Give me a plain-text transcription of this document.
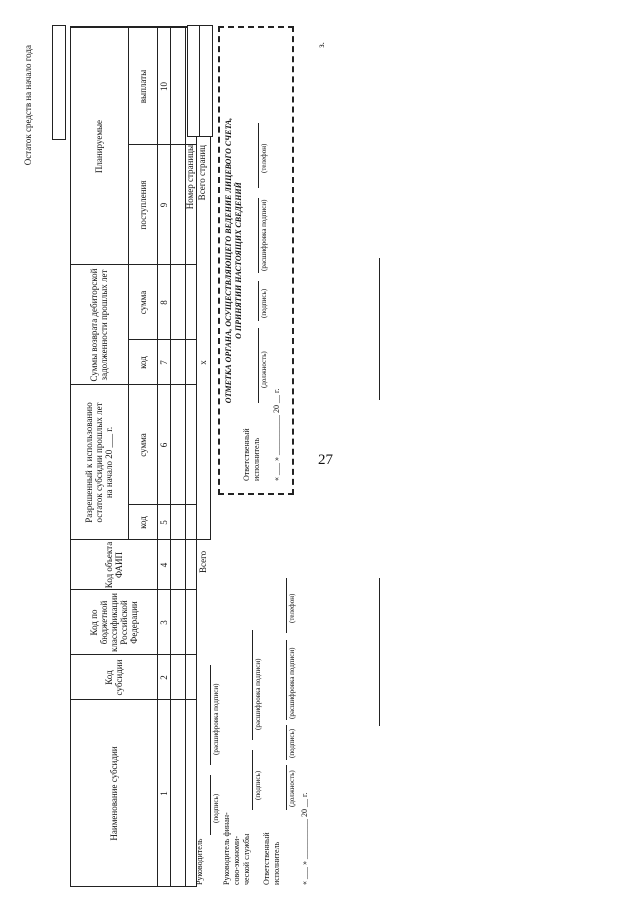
27
з.
Остаток средств на начало года
Наименование субсидии
Код
субсидии
Код по
бюджетной
классификации
Российской
Федерации
Код объекта
ФАИП
Разрешенный к использованию
остаток субсидии прошлых лет
на начало 20 ___ г.
Суммы возврата дебиторской
задолженности прошлых лет
Планируемые
код
сумма
код
сумма
поступления
выплаты
1
2
3
4
5
6
7
8
9
10
Всего
х
Номер страницы Всего страниц
Руководитель
(подпись)
(расшифровка подписи)
Руководитель финан-
сово-экономи-
ческой службы
(подпись)
(расшифровка подписи)
Ответственный
исполнитель
(должность)
(подпись)
(расшифровка подписи)
(телефон)
« ___ » __________ 20 __ г.
ОТМЕТКА ОРГАНА, ОСУЩЕСТВЛЯЮЩЕГО ВЕДЕНИЕ ЛИЦЕВОГО СЧЕТА, О ПРИНЯТИИ НАСТОЯЩИХ СВЕДЕНИЙ
Ответственный
исполнитель
(должность)
(подпись)
(расшифровка подписи)
(телефон)
« ___ » __________ 20 __ г.
